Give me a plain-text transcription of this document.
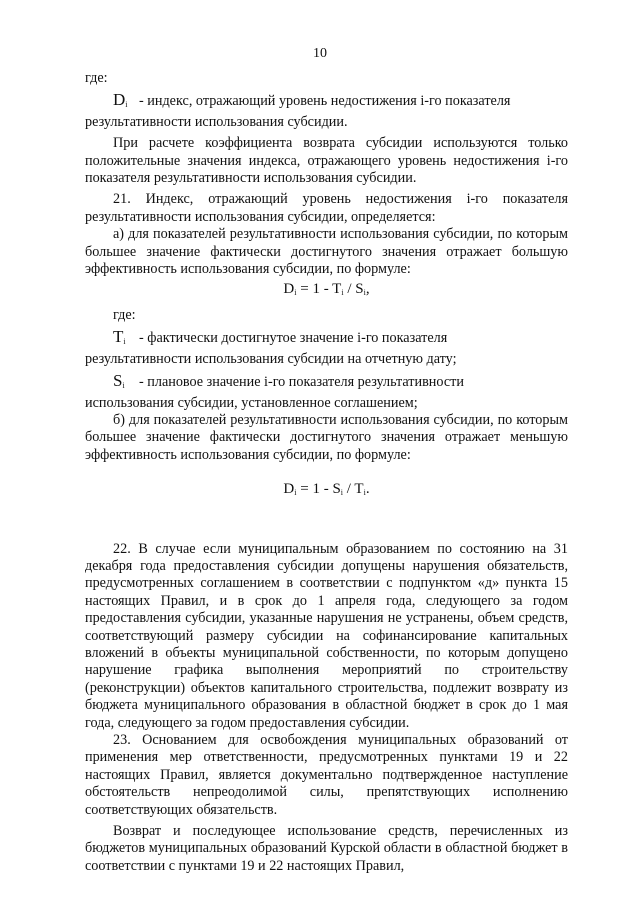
10

где:

$D_i$ - индекс, отражающий уровень недостижения i-го показателя

результативности использования субсидии.

При расчете коэффициента возврата субсидии используются только положительные значения индекса, отражающего уровень недостижения i-го показателя результативности использования субсидии.

21. Индекс, отражающий уровень недостижения i-го показателя результативности использования субсидии, определяется:

а) для показателей результативности использования субсидии, по которым большее значение фактически достигнутого значения отражает большую эффективность использования субсидии, по формуле:

$D_i = 1 - T_i / S_i$,

где:

$T_i$ - фактически достигнутое значение i-го показателя

результативности использования субсидии на отчетную дату;

$S_i$	- плановое значение i-го показателя результативности

использования субсидии, установленное соглашением;

б) для показателей результативности использования субсидии, по которым большее значение фактически достигнутого значения отражает меньшую эффективность использования субсидии, по формуле:

$D_i = 1 - S_i / T_i$.

22. В случае если муниципальным образованием по состоянию на 31 декабря года предоставления субсидии допущены нарушения обязательств, предусмотренных соглашением в соответствии с подпунктом «д» пункта 15 настоящих Правил, и в срок до 1 апреля года, следующего за годом предоставления субсидии, указанные нарушения не устранены, объем средств, соответствующий размеру субсидии на софинансирование капитальных вложений в объекты муниципальной собственности, по которым допущено нарушение графика выполнения мероприятий по строительству (реконструкции) объектов капитального строительства, подлежит возврату из бюджета муниципального образования в областной бюджет в срок до 1 мая года, следующего за годом предоставления субсидии.

23. Основанием для освобождения муниципальных образований от применения мер ответственности, предусмотренных пунктами 19 и 22 настоящих Правил, является документально подтвержденное наступление обстоятельств непреодолимой силы, препятствующих исполнению соответствующих обязательств.

Возврат и последующее использование средств, перечисленных из бюджетов муниципальных образований Курской области в областной бюджет в соответствии с пунктами 19 и 22 настоящих Правил,
